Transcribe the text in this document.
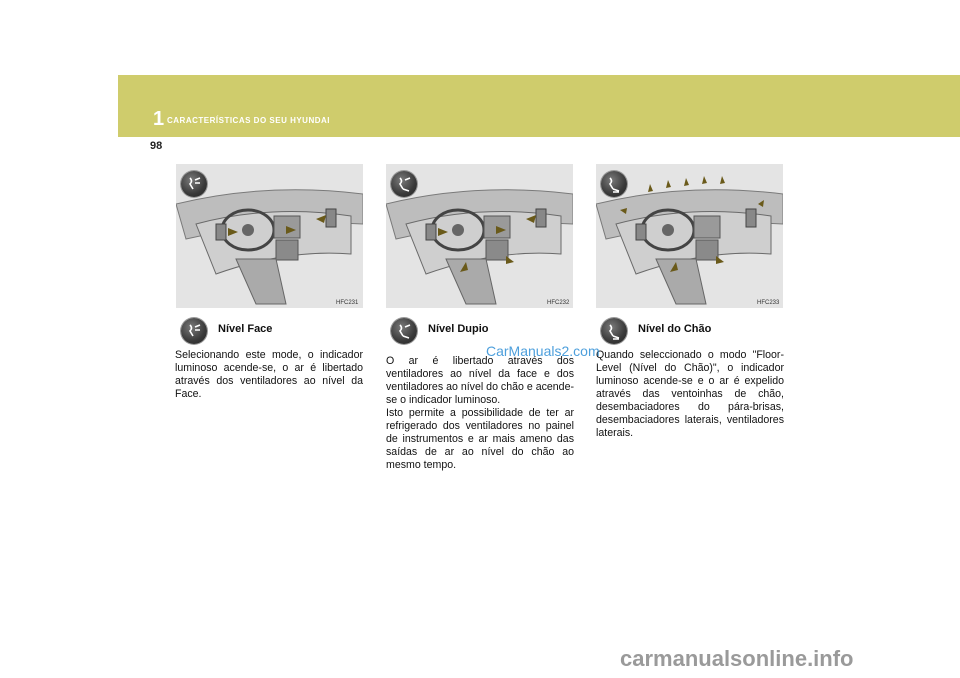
1 CARACTERÍSTICAS DO SEU HYUNDAI
98
HFC231
Nível Face
Selecionando este mode, o indicador luminoso acende-se, o ar é libertado através dos ventiladores ao nível da Face.
HFC232
Nível Dupio
O ar é libertado através dos ventiladores ao nível da face e dos ventiladores ao nível do chão e acende-se o indicador luminoso.
Isto permite a possibilidade de ter ar refrigerado dos ventiladores no painel de instrumentos e ar mais ameno das saídas de ar ao nível do chão ao mesmo tempo.
HFC233
Nível do Chão
Quando seleccionado o modo "Floor-Level (Nível do Chão)", o indicador luminoso acende-se e o ar é expelido através das ventoinhas de chão, desembaciadores do pára-brisas, desembaciadores laterais, ventiladores laterais.
CarManuals2.com
carmanualsonline.info
